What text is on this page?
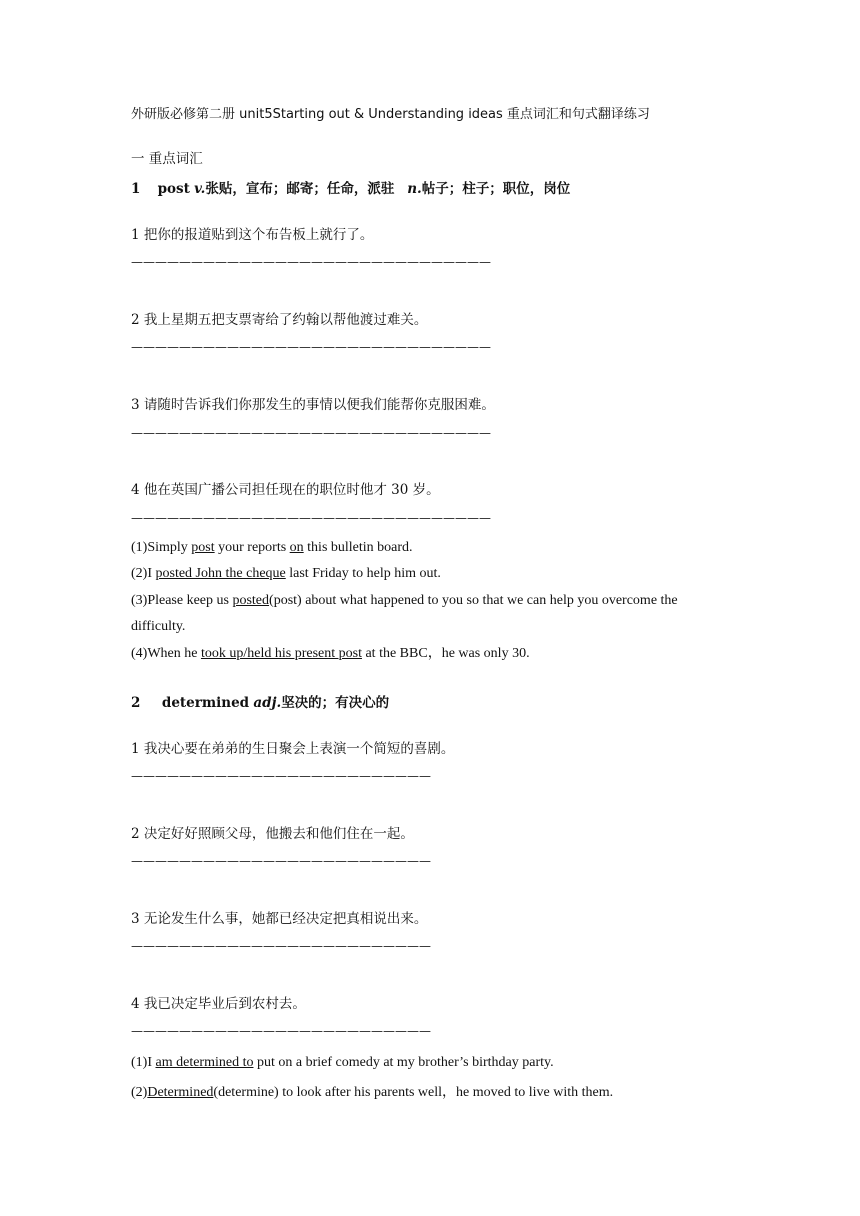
外研版必修第二册 unit5Starting out & Understanding ideas 重点词汇和句式翻译练习
一 重点词汇
1 post v.张贴，宣布；邮寄；任命，派驻 n.帖子；柱子；职位，岗位
1 把你的报道贴到这个布告板上就行了。
——————————————————————————————
2 我上星期五把支票寄给了约翰以帮他渡过难关。
——————————————————————————————
3 请随时告诉我们你那发生的事情以便我们能帮你克服困难。
——————————————————————————————
4 他在英国广播公司担任现在的职位时他才 30 岁。
——————————————————————————————
(1)Simply post your reports on this bulletin board.
(2)I posted John the cheque last Friday to help him out.
(3)Please keep us posted(post) about what happened to you so that we can help you overcome the
difficulty.
(4)When he took up/held his present post at the BBC，he was only 30.
2 determined adj.坚决的；有决心的
1 我决心要在弟弟的生日聚会上表演一个简短的喜剧。
—————————————————————————
2 决定好好照顾父母，他搬去和他们住在一起。
—————————————————————————
3 无论发生什么事，她都已经决定把真相说出来。
—————————————————————————
4 我已决定毕业后到农村去。
—————————————————————————
(1)I am determined to put on a brief comedy at my brother’s birthday party.
(2)Determined(determine) to look after his parents well，he moved to live with them.
